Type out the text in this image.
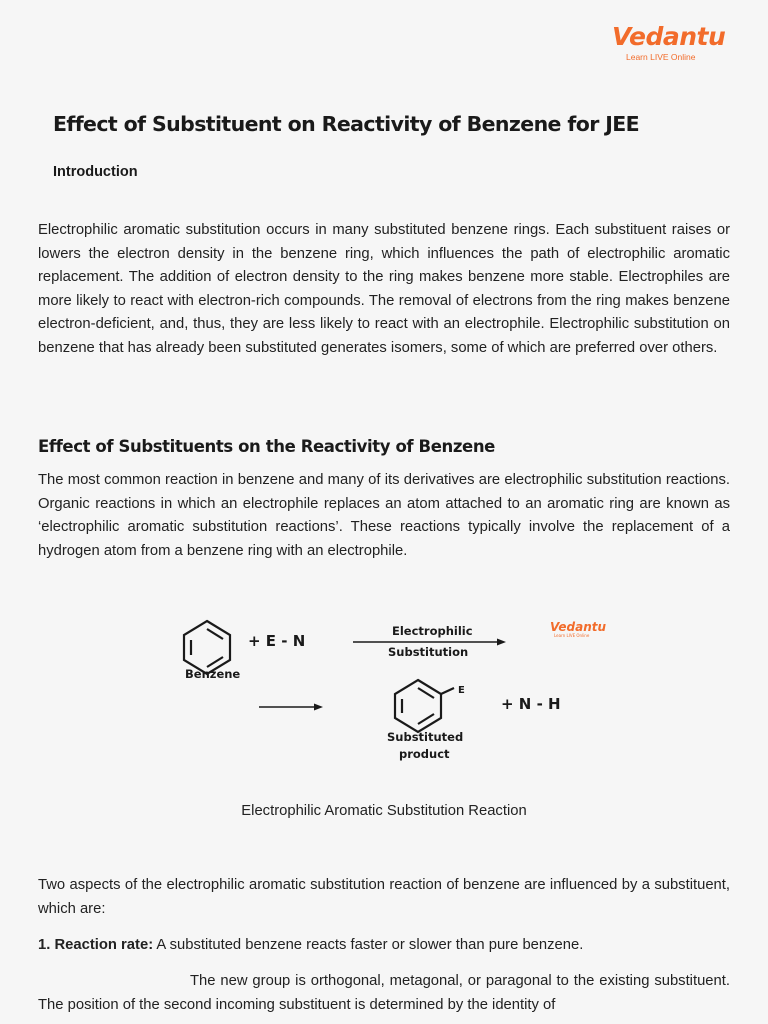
Vedantu
Learn LIVE Online
Effect of Substituent on Reactivity of Benzene for JEE
Introduction

Electrophilic aromatic substitution occurs in many substituted benzene rings. Each substituent raises or lowers the electron density in the benzene ring, which influences the path of electrophilic aromatic replacement. The addition of electron density to the ring makes benzene more stable. Electrophiles are more likely to react with electron-rich compounds. The removal of electrons from the ring makes benzene electron-deficient, and, thus, they are less likely to react with an electrophile. Electrophilic substitution on benzene that has already been substituted generates isomers, some of which are preferred over others.

Effect of Substituents on the Reactivity of Benzene

The most common reaction in benzene and many of its derivatives are electrophilic substitution reactions. Organic reactions in which an electrophile replaces an atom attached to an aromatic ring are known as ‘electrophilic aromatic substitution reactions’. These reactions typically involve the replacement of a hydrogen atom from a benzene ring with an electrophile.

Benzene
+ E - N
Electrophilic
Substitution
Vedantu
Learn LIVE Online
E
Substituted
product
+ N - H

Electrophilic Aromatic Substitution Reaction

Two aspects of the electrophilic aromatic substitution reaction of benzene are influenced by a substituent, which are:

1. Reaction rate: A substituted benzene reacts faster or slower than pure benzene.

The new group is orthogonal, metagonal, or paragonal to the existing substituent. The position of the second incoming substituent is determined by the identity of
